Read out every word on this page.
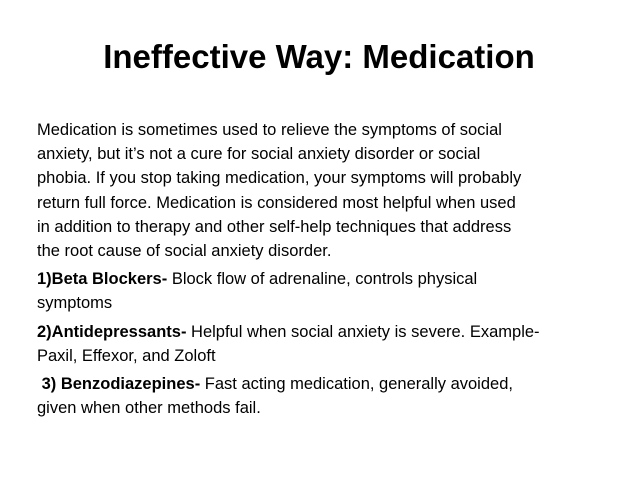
Ineffective Way: Medication

Medication is sometimes used to relieve the symptoms of social
anxiety, but it’s not a cure for social anxiety disorder or social
phobia. If you stop taking medication, your symptoms will probably
return full force. Medication is considered most helpful when used
in addition to therapy and other self-help techniques that address
the root cause of social anxiety disorder.

1)Beta Blockers- Block flow of adrenaline, controls physical
symptoms

2)Antidepressants- Helpful when social anxiety is severe. Example-
Paxil, Effexor, and Zoloft

3) Benzodiazepines- Fast acting medication, generally avoided,
given when other methods fail.
